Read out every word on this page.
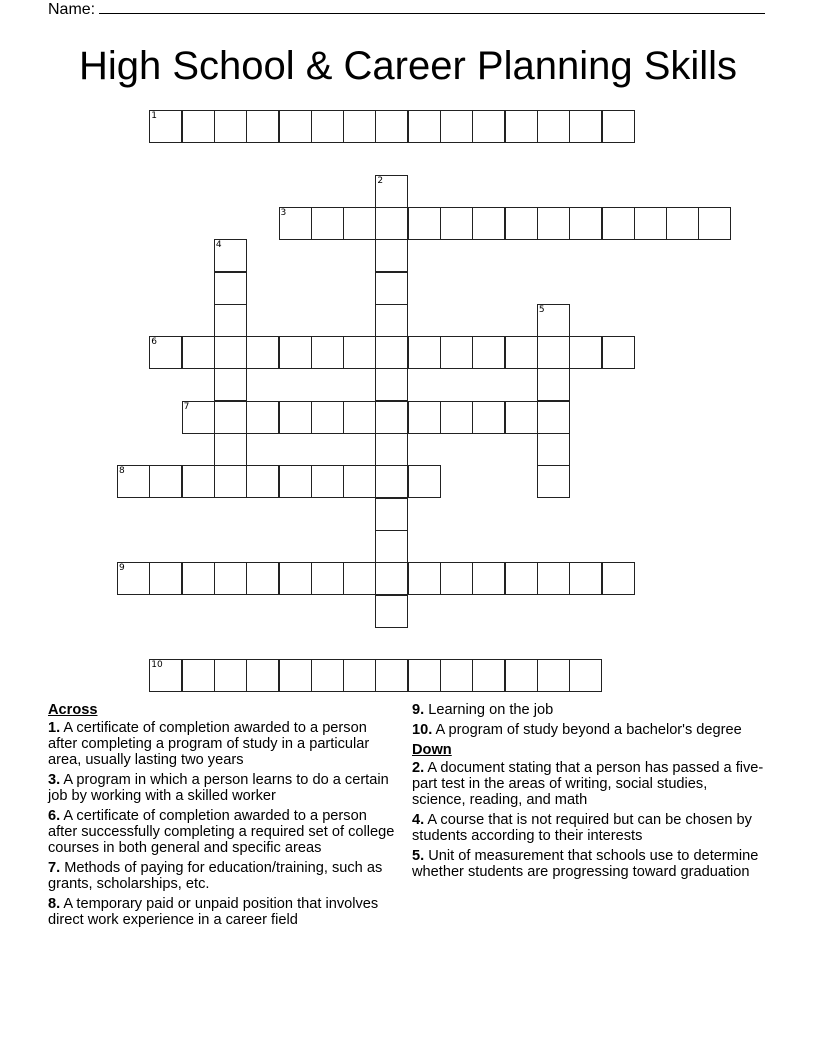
Name:
High School & Career Planning Skills
1
2
3
4
5
6
7
8
9
10
Across
1. A certificate of completion awarded to a person after completing a program of study in a particular area, usually lasting two years
3. A program in which a person learns to do a certain job by working with a skilled worker
6. A certificate of completion awarded to a person after successfully completing a required set of college courses in both general and specific areas
7. Methods of paying for education/training, such as grants, scholarships, etc.
8. A temporary paid or unpaid position that involves direct work experience in a career field
9. Learning on the job
10. A program of study beyond a bachelor's degree
Down
2. A document stating that a person has passed a five-part test in the areas of writing, social studies, science, reading, and math
4. A course that is not required but can be chosen by students according to their interests
5. Unit of measurement that schools use to determine whether students are progressing toward graduation
